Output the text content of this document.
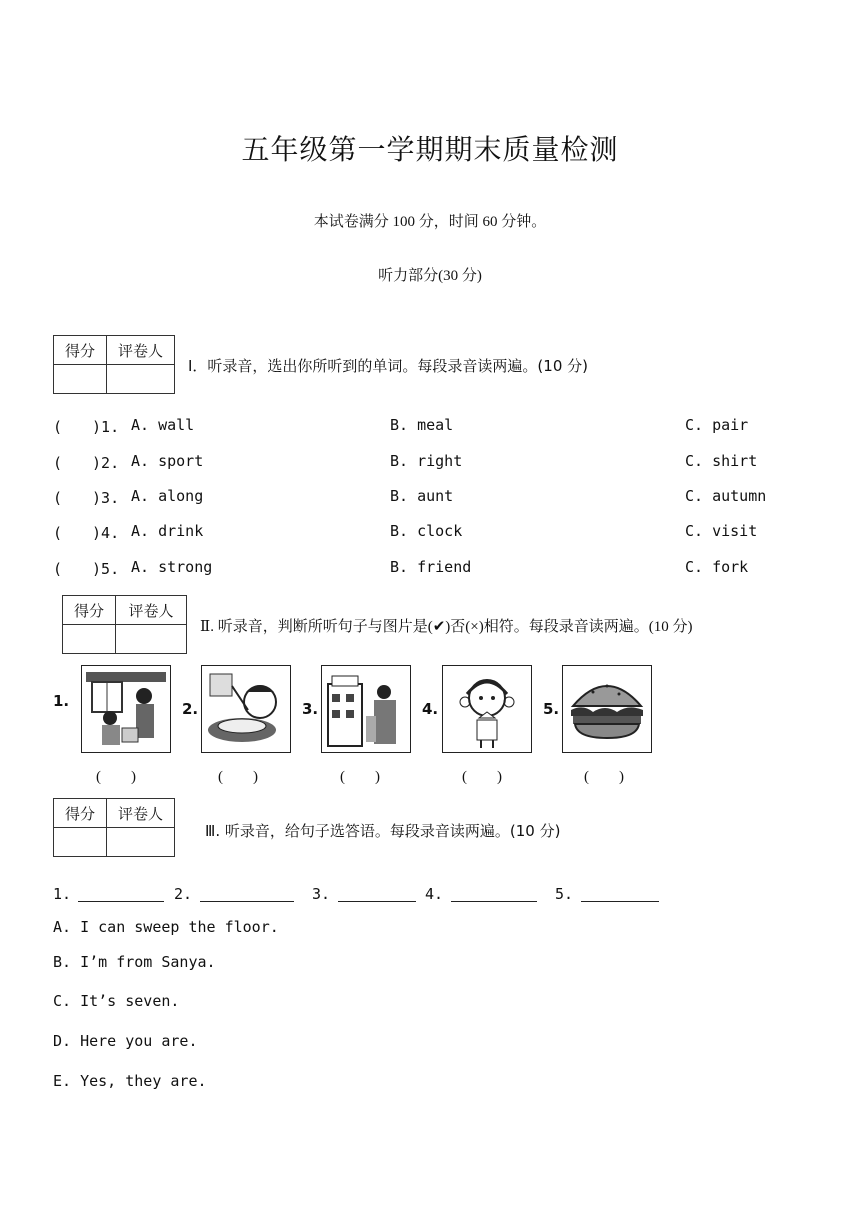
五年级第一学期期末质量检测
本试卷满分 100 分，时间 60 分钟。
听力部分(30 分)
得分	评卷人

Ⅰ．听录音，选出你所听到的单词。每段录音读两遍。(10 分)
(　　)1. A. wall	B. meal	C. pair
(　　)2. A. sport	B. right	C. shirt
(　　)3. A. along	B. aunt	C. autumn
(　　)4. A. drink	B. clock	C. visit
(　　)5. A. strong	B. friend	C. fork
得分	评卷人

Ⅱ. 听录音，判断所听句子与图片是(✔)否(×)相符。每段录音读两遍。(10 分)
1.
(　　)
2.
(　　)
3.
(　　)
4.
(　　)
5.
(　　)
得分	评卷人

Ⅲ. 听录音，给句子选答语。每段录音读两遍。(10 分)
1.	2.	3.	4.	5.
A. I can sweep the floor.
B. I’m from Sanya.
C. It’s seven.
D. Here you are.
E. Yes, they are.
